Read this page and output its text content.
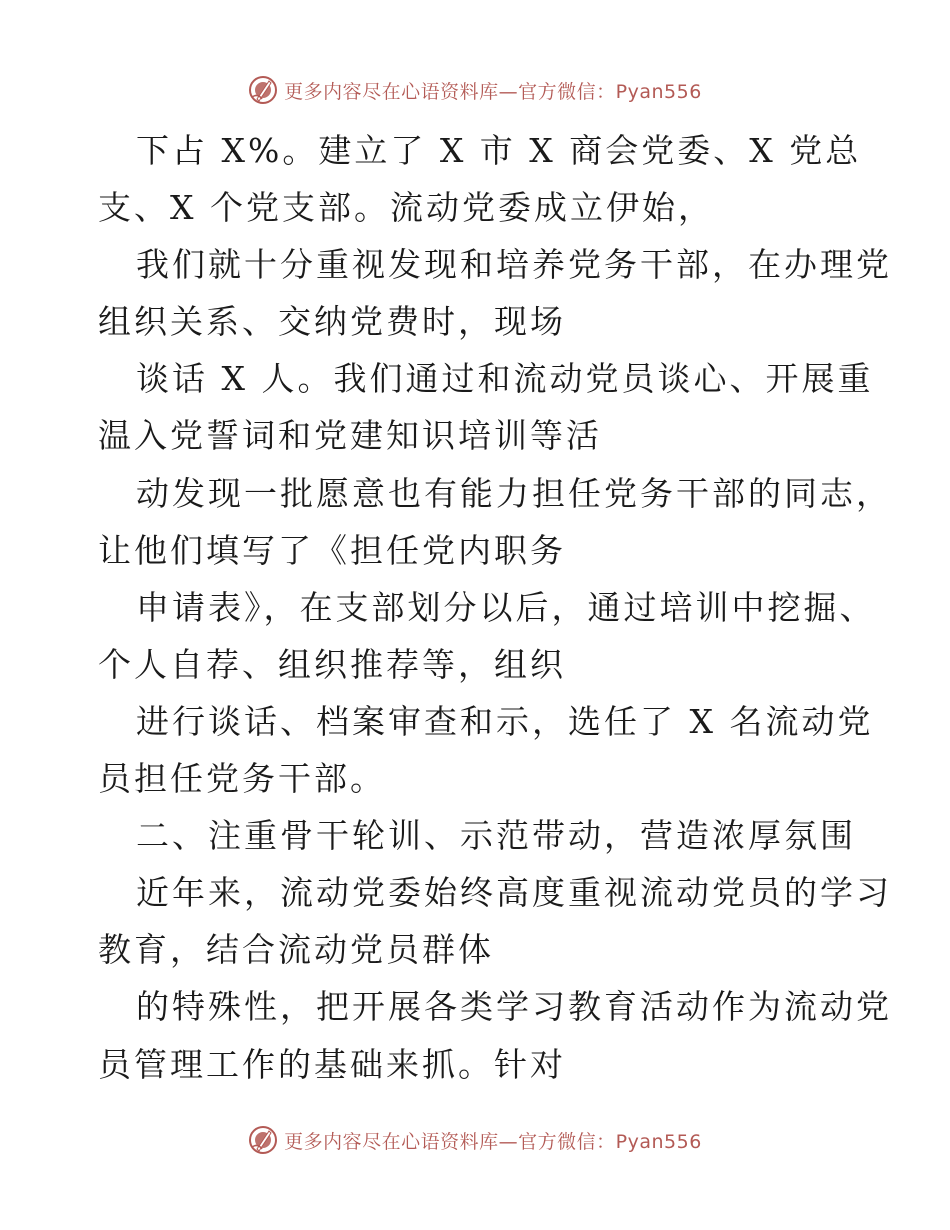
更多内容尽在心语资料库—官方微信：Pyan556
下占 X%。建立了 X 市 X 商会党委、X 党总
支、X 个党支部。流动党委成立伊始，
我们就十分重视发现和培养党务干部，在办理党
组织关系、交纳党费时，现场
谈话 X 人。我们通过和流动党员谈心、开展重
温入党誓词和党建知识培训等活
动发现一批愿意也有能力担任党务干部的同志，
让他们填写了《担任党内职务
申请表》，在支部划分以后，通过培训中挖掘、
个人自荐、组织推荐等，组织
进行谈话、档案审查和示，选任了 X 名流动党
员担任党务干部。
二、注重骨干轮训、示范带动，营造浓厚氛围
近年来，流动党委始终高度重视流动党员的学习
教育，结合流动党员群体
的特殊性，把开展各类学习教育活动作为流动党
员管理工作的基础来抓。针对
更多内容尽在心语资料库—官方微信：Pyan556
